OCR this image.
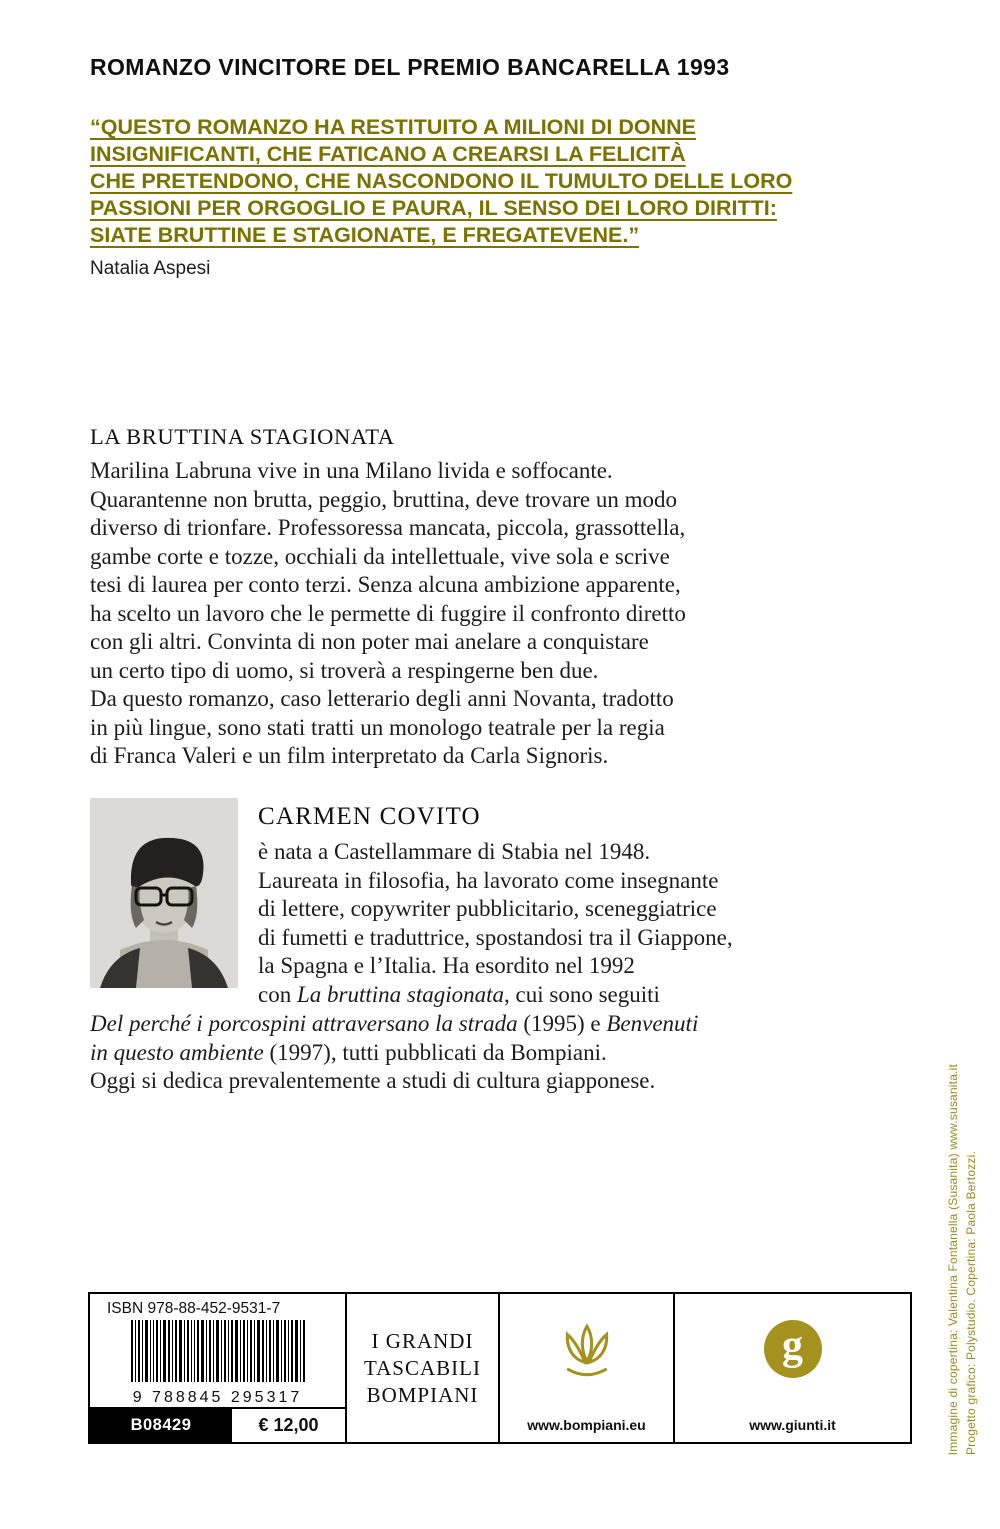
ROMANZO VINCITORE DEL PREMIO BANCARELLA 1993
“QUESTO ROMANZO HA RESTITUITO A MILIONI DI DONNE
INSIGNIFICANTI, CHE FATICANO A CREARSI LA FELICITÀ
CHE PRETENDONO, CHE NASCONDONO IL TUMULTO DELLE LORO
PASSIONI PER ORGOGLIO E PAURA, IL SENSO DEI LORO DIRITTI:
SIATE BRUTTINE E STAGIONATE, E FREGATEVENE.”
Natalia Aspesi
LA BRUTTINA STAGIONATA
Marilina Labruna vive in una Milano livida e soffocante.
Quarantenne non brutta, peggio, bruttina, deve trovare un modo
diverso di trionfare. Professoressa mancata, piccola, grassottella,
gambe corte e tozze, occhiali da intellettuale, vive sola e scrive
tesi di laurea per conto terzi. Senza alcuna ambizione apparente,
ha scelto un lavoro che le permette di fuggire il confronto diretto
con gli altri. Convinta di non poter mai anelare a conquistare
un certo tipo di uomo, si troverà a respingerne ben due.
Da questo romanzo, caso letterario degli anni Novanta, tradotto
in più lingue, sono stati tratti un monologo teatrale per la regia
di Franca Valeri e un film interpretato da Carla Signoris.
CARMEN COVITO
è nata a Castellammare di Stabia nel 1948.
Laureata in filosofia, ha lavorato come insegnante
di lettere, copywriter pubblicitario, sceneggiatrice
di fumetti e traduttrice, spostandosi tra il Giappone,
la Spagna e l’Italia. Ha esordito nel 1992
con La bruttina stagionata, cui sono seguiti
Del perché i porcospini attraversano la strada (1995) e Benvenuti
in questo ambiente (1997), tutti pubblicati da Bompiani.
Oggi si dedica prevalentemente a studi di cultura giapponese.
ISBN 978-88-452-9531-7
9 788845 295317
B08429	€ 12,00
I GRANDI
TASCABILI
BOMPIANI
www.bompiani.eu
g
www.giunti.it	Immagine di copertina: Valentina Fontanella (Susanita) www.susanita.it Progetto grafico: Polystudio. Copertina: Paola Bertozzi.
